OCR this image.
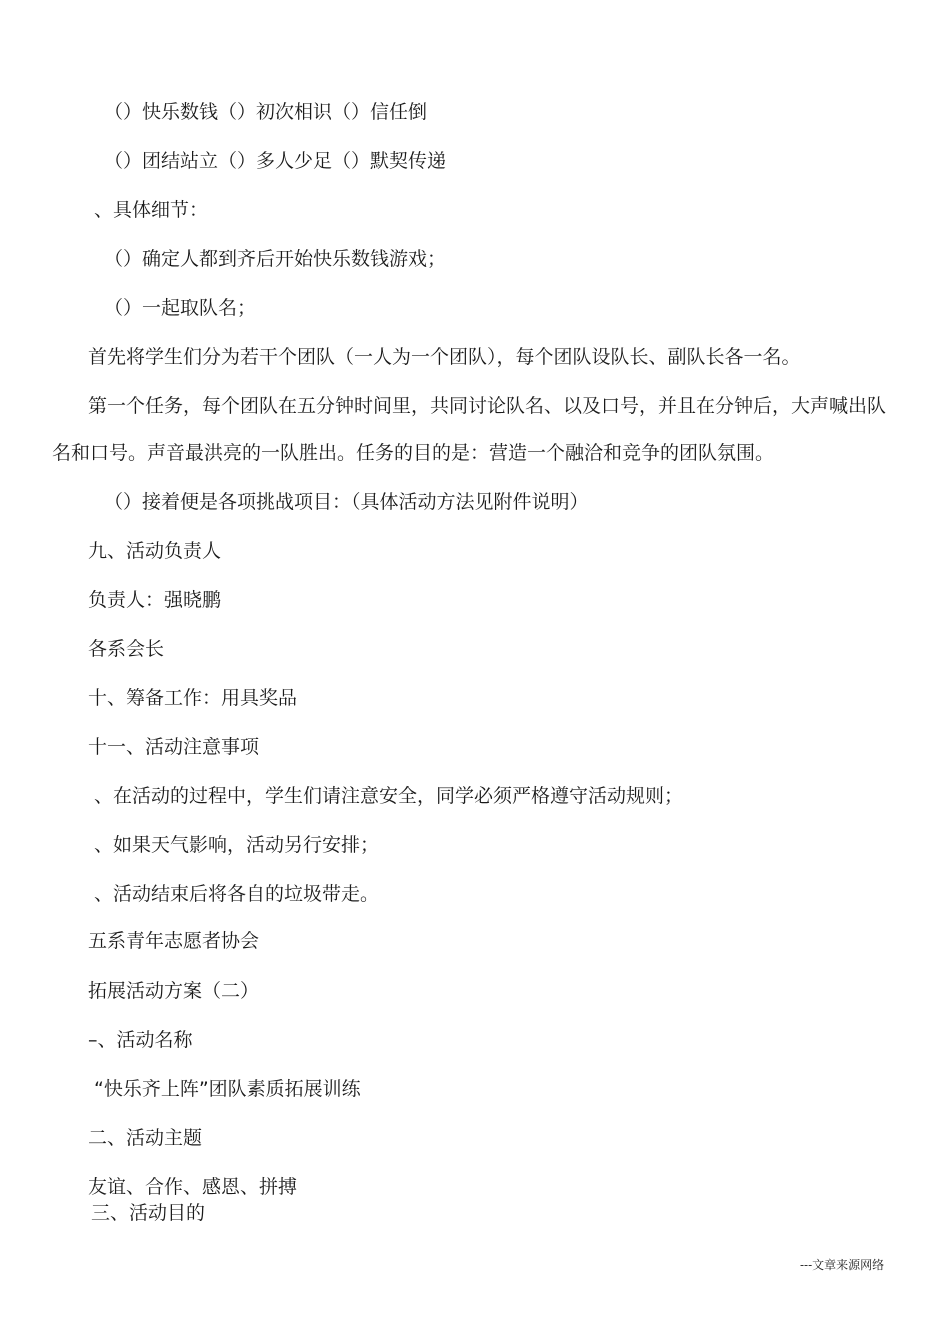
（）快乐数钱（）初次相识（）信任倒
（）团结站立（）多人少足（）默契传递
、具体细节：
（）确定人都到齐后开始快乐数钱游戏；
（）一起取队名；
首先将学生们分为若干个团队（一人为一个团队），每个团队设队长、副队长各一名。
第一个任务，每个团队在五分钟时间里，共同讨论队名、以及口号，并且在分钟后，大声喊出队
名和口号。声音最洪亮的一队胜出。任务的目的是：营造一个融洽和竞争的团队氛围。
（）接着便是各项挑战项目：（具体活动方法见附件说明）
九、活动负责人
负责人：强晓鹏
各系会长
十、筹备工作：用具奖品
十一、活动注意事项
、在活动的过程中，学生们请注意安全，同学必须严格遵守活动规则；
、如果天气影响，活动另行安排；
、活动结束后将各自的垃圾带走。
五系青年志愿者协会
拓展活动方案（二）
–、活动名称
“快乐齐上阵”团队素质拓展训练
二、活动主题
友谊、合作、感恩、拼搏
三、活动目的
---文章来源网络
